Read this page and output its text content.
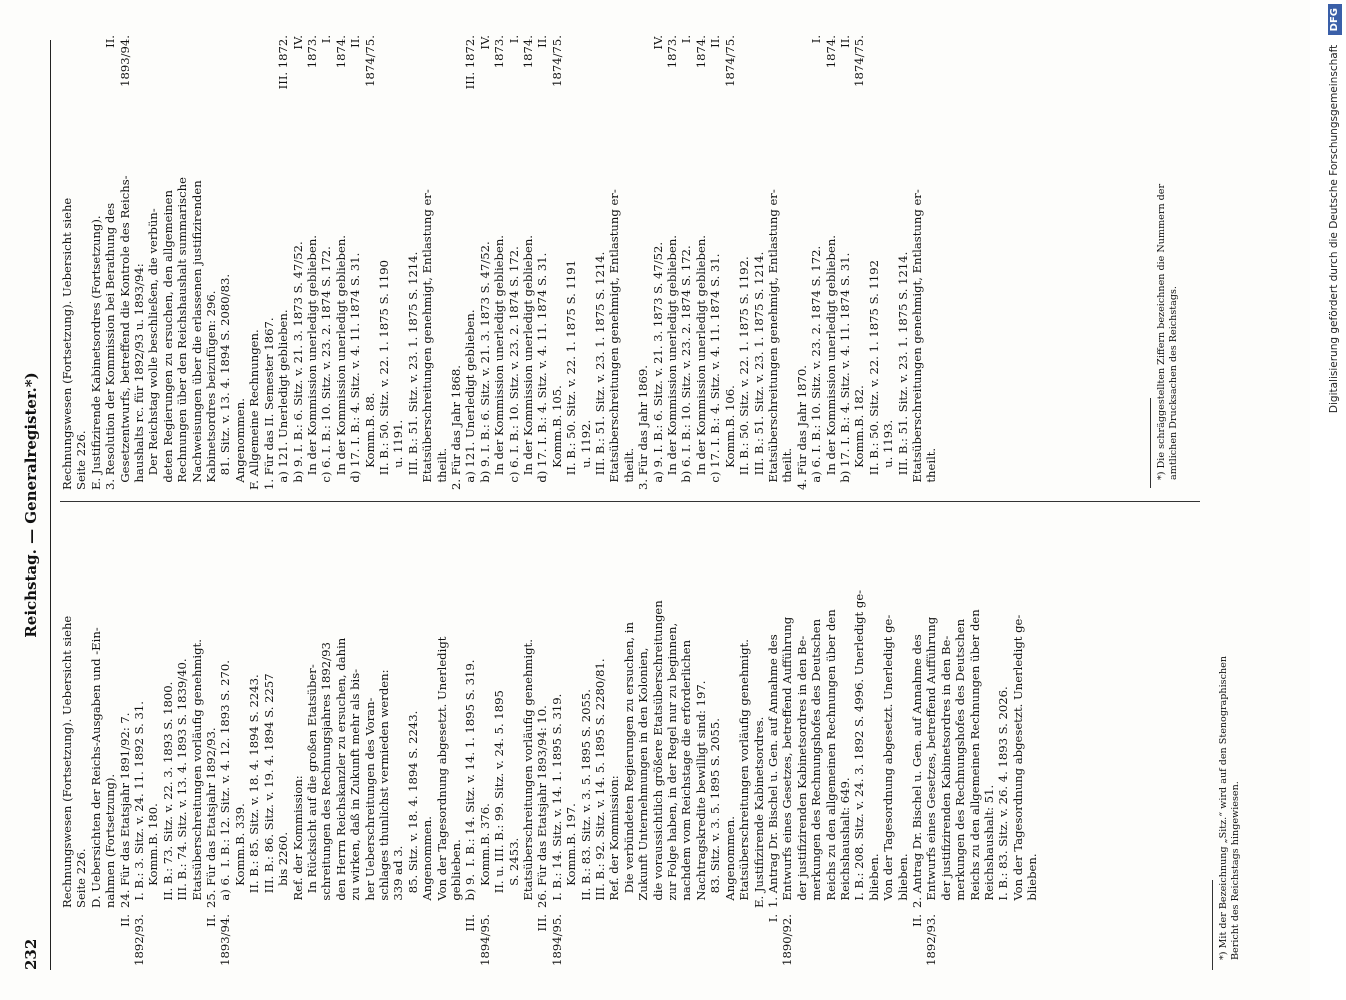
232
Reichstag. — Generalregister.*)
Rechnungswesen (Fortsetzung). Uebersicht siehe
Seite 226.
D. Uebersichten der Reichs-Ausgaben und -Ein-
nahmen (Fortsetzung).
II.
1892/93.
24. Für das Etatsjahr 1891/92: 7.
I. B.: 3. Sitz. v. 24. 11. 1892 S. 31.
Komm.B. 180.
II. B.: 73. Sitz. v. 22. 3. 1893 S. 1800.
III. B.: 74. Sitz. v. 13. 4. 1893 S. 1839/40.
Etatsüberschreitungen vorläufig genehmigt.
II.
1893/94.
25. Für das Etatsjahr 1892/93.
a) 6.  I. B.: 12. Sitz. v. 4. 12. 1893 S. 270.
Komm.B. 339.
II. B.: 85. Sitz. v. 18. 4. 1894 S. 2243.
III. B.: 86. Sitz. v. 19. 4. 1894 S. 2257
bis 2260.
Ref. der Kommission:
In Rücksicht auf die großen Etatsüber-
schreitungen des Rechnungsjahres 1892/93
den Herrn Reichskanzler zu ersuchen, dahin
zu wirken, daß in Zukunft mehr als bis-
her Ueberschreitungen des Voran-
schlages thunlichst vermieden werden:
339 ad 3.
85. Sitz. v. 18. 4. 1894 S. 2243.
Angenommen.
Von der Tagesordnung abgesetzt. Unerledigt
geblieben.
III.
1894/95.
b) 9.  I. B.: 14. Sitz. v. 14. 1. 1895 S. 319.
Komm.B. 376.
II. u. III. B.: 99. Sitz. v. 24. 5. 1895
S. 2453.
Etatsüberschreitungen vorläufig genehmigt.
III.
1894/95.
26. Für das Etatsjahr 1893/94: 10.
I. B.: 14. Sitz. v. 14. 1. 1895 S. 319.
Komm.B. 197.
II. B.: 83. Sitz. v. 3. 5. 1895 S. 2055.
III. B.: 92. Sitz. v. 14. 5. 1895 S. 2280/81.
Ref. der Kommission:
Die verbündeten Regierungen zu ersuchen, in
Zukunft Unternehmungen in den Kolonien,
die voraussichtlich größere Etatsüberschreitungen
zur Folge haben, in der Regel nur zu beginnen,
nachdem vom Reichstage die erforderlichen
Nachtragskredite bewilligt sind: 197.
83. Sitz. v. 3. 5. 1895 S. 2055.
Angenommen.
Etatsüberschreitungen vorläufig genehmigt.
E. Justifizirende Kabinetsordres.
I.
1890/92.
1. Antrag Dr. Bischel u. Gen. auf Annahme des
Entwurfs eines Gesetzes, betreffend Aufführung
der justifizirenden Kabinetsordres in den Be-
merkungen des Rechnungshofes des Deutschen
Reichs zu den allgemeinen Rechnungen über den
Reichshaushalt: 649.
I. B.: 208. Sitz. v. 24. 3. 1892 S. 4996. Unerledigt ge-
blieben.
Von der Tagesordnung abgesetzt. Unerledigt ge-
blieben.
II.
1892/93.
2. Antrag Dr. Bischel u. Gen. auf Annahme des
Entwurfs eines Gesetzes, betreffend Aufführung
der justifizirenden Kabinetsordres in den Be-
merkungen des Rechnungshofes des Deutschen
Reichs zu den allgemeinen Rechnungen über den
Reichshaushalt: 51.
I. B.: 83. Sitz. v. 26. 4. 1893 S. 2026.
Von der Tagesordnung abgesetzt. Unerledigt ge-
blieben.
Rechnungswesen (Fortsetzung). Uebersicht siehe
Seite 226. E. Justifizirende Kabinetsordres (Fortsetzung).
II.
1893/94.
3. Resolution der Kommission bei Berathung des
Gesetzentwurfs, betreffend die Kontrole des Reichs-
haushalts rc. für 1892/93 u. 1893/94:
Der Reichstag wolle beschließen, die verbün-
deten Regierungen zu ersuchen, den allgemeinen
Rechnungen über den Reichshaushalt summarische
Nachweisungen über die erlassenen justifizirenden
Kabinetsordres beizufügen: 296.
81. Sitz. v. 13. 4. 1894 S. 2080/83.
Angenommen. F. Allgemeine Rechnungen. 1. Für das II. Semester 1867.
III. 1872.
a) 121. Unerledigt geblieben.
IV.
1873.
b) 9. I. B.: 6. Sitz. v. 21. 3. 1873 S. 47/52.
In der Kommission unerledigt geblieben.
I.
1874.
c) 6. I. B.: 10. Sitz. v. 23. 2. 1874 S. 172.
In der Kommission unerledigt geblieben.
II.
1874/75.
d) 17. I. B.: 4. Sitz. v. 4. 11. 1874 S. 31.
Komm.B. 88.
II. B.: 50. Sitz. v. 22. 1. 1875 S. 1190
u. 1191.
III. B.: 51. Sitz. v. 23. 1. 1875 S. 1214.
Etatsüberschreitungen genehmigt, Entlastung er-
theilt. 2. Für das Jahr 1868.
III. 1872.
a) 121. Unerledigt geblieben.
IV.
1873.
b) 9. I. B.: 6. Sitz. v. 21. 3. 1873 S. 47/52.
In der Kommission unerledigt geblieben.
I.
1874.
c) 6. I. B.: 10. Sitz. v. 23. 2. 1874 S. 172.
In der Kommission unerledigt geblieben.
II.
1874/75.
d) 17. I. B.: 4. Sitz. v. 4. 11. 1874 S. 31.
Komm.B. 105.
II. B.: 50. Sitz. v. 22. 1. 1875 S. 1191
u. 1192.
III. B.: 51. Sitz. v. 23. 1. 1875 S. 1214.
Etatsüberschreitungen genehmigt, Entlastung er-
theilt. 3. Für das Jahr 1869.
IV.
1873.
a) 9. I. B.: 6. Sitz. v. 21. 3. 1873 S. 47/52.
In der Kommission unerledigt geblieben.
I.
1874.
b) 6. I. B.: 10. Sitz. v. 23. 2. 1874 S. 172.
In der Kommission unerledigt geblieben.
II.
1874/75.
c) 17. I. B.: 4. Sitz. v. 4. 11. 1874 S. 31.
Komm.B. 106.
II. B.: 50. Sitz. v. 22. 1. 1875 S. 1192.
III. B.: 51. Sitz. v. 23. 1. 1875 S. 1214.
Etatsüberschreitungen genehmigt, Entlastung er-
theilt. 4. Für das Jahr 1870.
I.
1874.
a) 6. I. B.: 10. Sitz. v. 23. 2. 1874 S. 172.
In der Kommission unerledigt geblieben.
II.
1874/75.
b) 17. I. B.: 4. Sitz. v. 4. 11. 1874 S. 31.
Komm.B. 182.
II. B.: 50. Sitz. v. 22. 1. 1875 S. 1192
u. 1193.
III. B.: 51. Sitz. v. 23. 1. 1875 S. 1214.
Etatsüberschreitungen genehmigt, Entlastung er-
theilt.
*) Mit der Bezeichnung „Sitz.“ wird auf den Stenographischen
Bericht des Reichstags hingewiesen.
*) Die schräggestellten Ziffern bezeichnen die Nummern der
amtlichen Drucksachen des Reichstags.	Digitalisierung gefördert durch die Deutsche Forschungsgemeinschaft DFG
